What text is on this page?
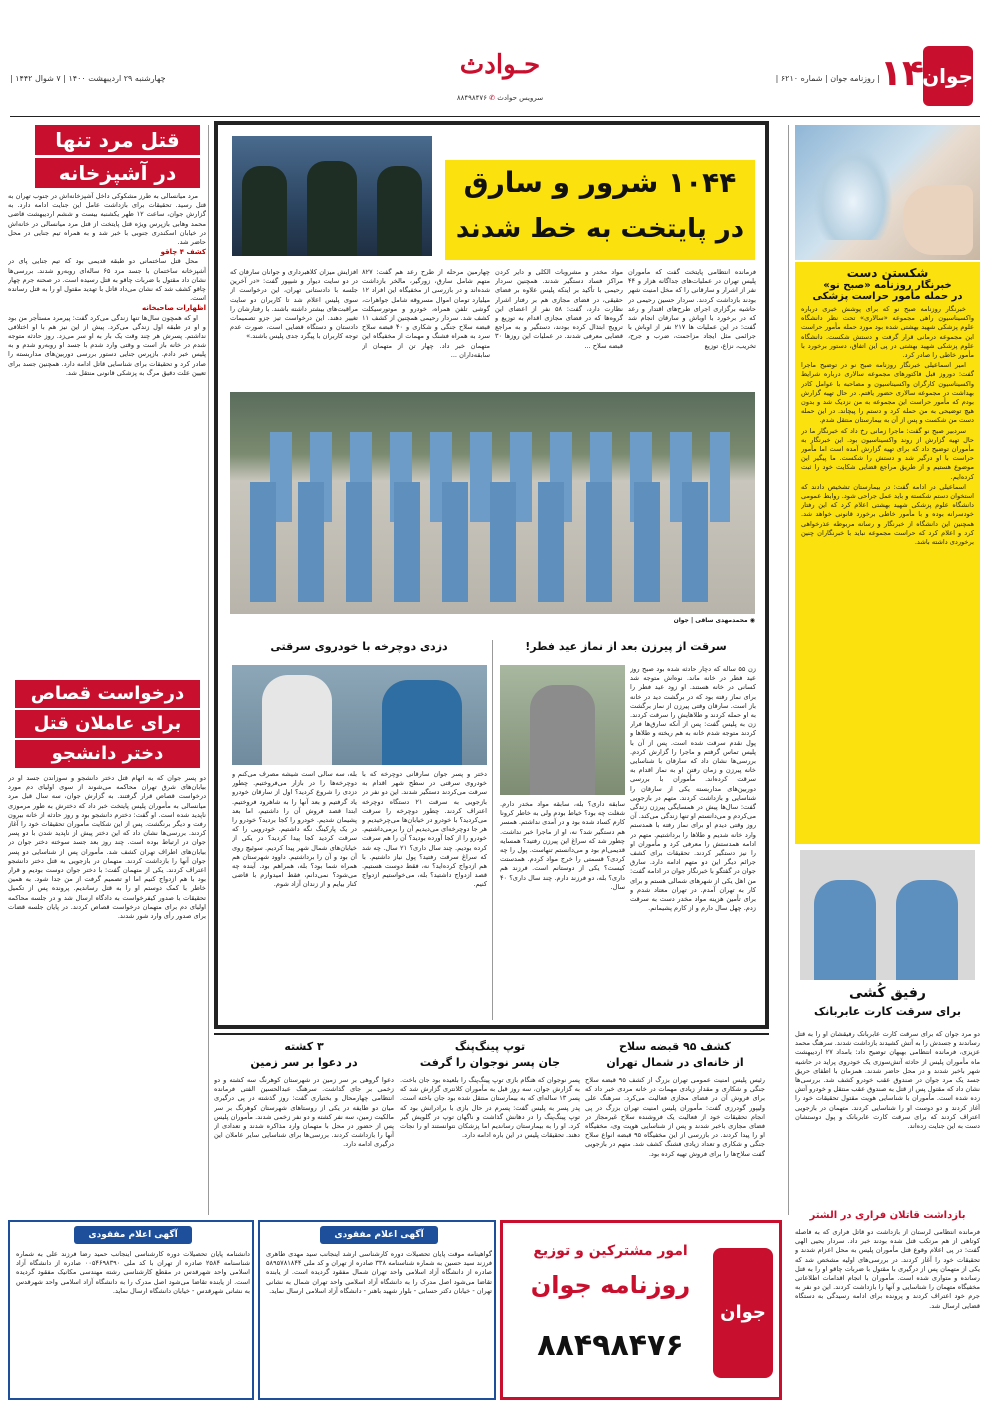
جوان
۱۴
| روزنامه جوان | شماره ۶۲۱۰ |
حـوادث
سرویس حوادث ✆ ۸۸۴۹۸۴۷۶
چهارشنبه ۲۹ اردیبهشت ۱۴۰۰ | ۷ شوال ۱۴۴۲ |
شکستن دست
خبرنگار روزنامه «صبح نو»
در حمله مأمور حراست پزشکی

خبرنگار روزنامه صبح نو که برای پوشش خبری درباره واکسیناسیون راهی مجموعه «سالاری» تحت نظر دانشگاه علوم پزشکی شهید بهشتی شده بود مورد حمله مأمور حراست این مجموعه درمانی قرار گرفت و دستش شکست. دانشگاه علوم پزشکی شهید بهشتی در پی این اتفاق، دستور برخورد با مأمور خاطی را صادر کرد.

امیر اسماعیلی خبرنگار روزنامه صبح نو در توضیح ماجرا گفت: دوروز قبل فاکتورهای مجموعه سالاری درباره شرایط واکسیناسیون کارگران واکسیناسیون و مصاحبه با عوامل کادر بهداشت در مجموعه سالاری حضور یافتم. در حال تهیه گزارش بودم که مأمور حراست این مجموعه به من نزدیک شد و بدون هیچ توضیحی به من حمله کرد و دستم را پیچاند. در این حمله دست من شکست و پس از آن به بیمارستان منتقل شدم.

سردبیر صبح نو گفت: ماجرا زمانی رخ داد که خبرنگار ما در حال تهیه گزارش از روند واکسیناسیون بود. این خبرنگار به مأموران توضیح داد که برای تهیه گزارش آمده است اما مأمور حراست با او درگیر شد و دستش را شکست. ما پیگیر این موضوع هستیم و از طریق مراجع قضایی شکایت خود را ثبت کرده‌ایم.

اسماعیلی در ادامه گفت: در بیمارستان تشخیص دادند که استخوان دستم شکسته و باید عمل جراحی شود. روابط عمومی دانشگاه علوم پزشکی شهید بهشتی اعلام کرد که این رفتار خودسرانه بوده و با مأمور خاطی برخورد قانونی خواهد شد. همچنین این دانشگاه از خبرنگار و رسانه مربوطه عذرخواهی کرد و اعلام کرد که حراست مجموعه نباید با خبرنگاران چنین برخوردی داشته باشد.

رفیق کُشی
برای سرقت کارت عابربانک
دو مرد جوان که برای سرقت کارت عابربانک رفیقشان او را به قتل رساندند و جسدش را به آتش کشیدند بازداشت شدند. سرهنگ محمد عزیزی، فرمانده انتظامی بهبهان توضیح داد: بامداد ۲۷ اردیبهشت ماه مأموران پلیس از حادثه آتش‌سوزی یک خودروی پراید در حاشیه شهر باخبر شدند و در محل حاضر شدند. همزمان با اطفای حریق جسد یک مرد جوان در صندوق عقب خودرو کشف شد. بررسی‌ها نشان داد که مقتول پس از قتل به صندوق عقب منتقل و خودرو آتش زده شده است. مأموران با شناسایی هویت مقتول تحقیقات خود را آغاز کردند و دو دوست او را شناسایی کردند. متهمان در بازجویی اعتراف کردند که برای سرقت کارت عابربانک و پول دوستشان دست به این جنایت زده‌اند.
بازداشت قاتلان فراری در الشتر
فرمانده انتظامی لرستان از بازداشت دو قاتل فراری که به فاصله کوتاهی از هم مرتکب قتل شده بودند خبر داد. سردار یحیی الهی گفت: در پی اعلام وقوع قتل مأموران پلیس به محل اعزام شدند و تحقیقات خود را آغاز کردند. در بررسی‌های اولیه مشخص شد که یکی از متهمان پس از درگیری با مقتول با ضربات چاقو او را به قتل رسانده و متواری شده است. مأموران با انجام اقدامات اطلاعاتی مخفیگاه متهمان را شناسایی و آنها را بازداشت کردند. این دو نفر به جرم خود اعتراف کردند و پرونده برای ادامه رسیدگی به دستگاه قضایی ارسال شد.
۱۰۴۴ شرور و سارق
در پایتخت به خط شدند
فرمانده انتظامی پایتخت گفت که مأموران پلیس تهران در عملیات‌های جداگانه هزار و ۴۴ نفر از اشرار و سارقانی را که مخل امنیت شهر بودند بازداشت کردند. سردار حسین رحیمی در حاشیه برگزاری اجرای طرح‌های اقتدار و رعد که در برخورد با اوباش و سارقان انجام شد گفت: در این عملیات ها ۲۱۷ نفر از اوباش با جرائمی مثل ایجاد مزاحمت، ضرب و جرح، تخریب، نزاع، توزیع
مواد مخدر و مشروبات الکلی و دایر کردن مراکز فساد دستگیر شدند. همچنین سردار رحیمی با تأکید بر اینکه پلیس علاوه بر فضای حقیقی، در فضای مجازی هم بر رفتار اشرار نظارت دارد، گفت: ۵۸ نفر از اعضای این گروه‌ها که در فضای مجازی اقدام به توزیع و ترویج ابتذال کرده بودند، دستگیر و به مراجع قضایی معرفی شدند. در عملیات این روزها ۳۰ قبضه سلاح ...
چهارمین مرحله از طرح رعد هم گفت: ۸۲۷ متهم شامل سارق، زورگیر، مالخر بازداشت شده‌اند و در بازرسی از مخفیگاه این افراد ۱۲ میلیارد تومان اموال مسروقه شامل جواهرات، گوشی تلفن همراه، خودرو و موتورسیکلت کشف شد. سردار رحیمی همچنین از کشف ۱۱ قبضه سلاح جنگی و شکاری و ۴۰ قبضه سلاح سرد به همراه فشنگ و مهمات از مخفیگاه این متهمان خبر داد. چهار تن از متهمان از سابقه‌داران ...
افزایش میزان کلاهبرداری و جوانان سارقان که در دو سایت دیوار و شیپور گفت: «در آخرین جلسه با دادستانی تهران، این درخواست از سوی پلیس اعلام شد تا کاربران دو سایت مراقبت‌های بیشتر داشته باشند. با رفتارشان را تغییر دهند. این درخواست تیز جزو تصمیمات دادستان و دستگاه قضایی است، صورت عدم توجه کاربران با پیگرد جدی پلیس باشند.»
◉ محمدمهدی ساقی | جوان
سرقت از پیرزن بعد از نماز عید فطر!
زن ۵۵ ساله که دچار حادثه شده بود صبح روز عید فطر در خانه ماند. نوه‌اش متوجه شد کسانی در خانه هستند. او زود عید فطر را برای نماز رفته بود که در برگشت دید در خانه باز است. سارقان وقتی پیرزن از نماز برگشت به او حمله کردند و طلاهایش را سرقت کردند. زن به پلیس گفت: پس از آنکه سارق‌ها فرار کردند متوجه شدم خانه به هم ریخته و طلاها و پول نقدم سرقت شده است. پس از آن با پلیس تماس گرفتم و ماجرا را گزارش کردم. بررسی‌ها نشان داد که سارقان با شناسایی خانه پیرزن و زمان رفتن او به نماز اقدام به سرقت کرده‌اند. مأموران با بررسی دوربین‌های مداربسته یکی از سارقان را شناسایی و بازداشت کردند. متهم در بازجویی گفت: سال‌ها پیش در همسایگی پیرزن زندگی می‌کردم و می‌دانستم او تنها زندگی می‌کند. آن روز وقتی دیدم او برای نماز رفته با همدستم وارد خانه شدیم و طلاها را برداشتیم. متهم در ادامه همدستش را معرفی کرد و مأموران او را نیز دستگیر کردند. تحقیقات برای کشف جرائم دیگر این دو متهم ادامه دارد. سارق جوان در گفتگو با خبرنگار جوان در ادامه گفت: من اهل یکی از شهرهای شمالی هستم و برای کار به تهران آمدم. در تهران معتاد شدم و برای تأمین هزینه مواد مخدر دست به سرقت زدم. چهل سال دارم و از کارم پشیمانم.
سابقه داری؟ بله، سابقه مواد مخدر دارم. شغلت چه بود؟ خیاط بودم ولی به خاطر کرونا کارم کساد شده بود و در آمدی نداشتم. همسر هم دستگیر شد؟ نه، او از ماجرا خبر نداشت. چطور شد که سراغ این پیرزن رفتید؟ همسایه قدیمی‌ام بود و می‌دانستم تنهاست. پول را چه کردی؟ قسمتی را خرج مواد کردم. همدستت کیست؟ یکی از دوستانم است. فرزند هم داری؟ بله، دو فرزند دارم. چند سال داری؟ ۴۰ سال.
دزدی دوچرخه با خودروی سرقتی
دختر و پسر جوان سارقانی دوچرخه که با خودروی سرقتی در سطح شهر اقدام به سرقت می‌کردند دستگیر شدند. این دو نفر در بازجویی به سرقت ۲۱ دستگاه دوچرخه اعتراف کردند. چطور دوچرخه را سرقت می‌کردید؟ با خودرو در خیابان‌ها می‌چرخیدیم و هر جا دوچرخه‌ای می‌دیدیم آن را برمی‌داشتیم. خودرو را از کجا آورده بودید؟ آن را هم سرقت کرده بودیم. چند سال داری؟ ۲۱ سال. چه شد که سراغ سرقت رفتید؟ پول نیاز داشتیم. با هم ازدواج کرده‌اید؟ نه، فقط دوست هستیم. قصد ازدواج داشتید؟ بله، می‌خواستیم ازدواج کنیم.
بله، سه سالی است شیشه مصرف می‌کنم و دوچرخه‌ها را در بازار می‌فروختیم. چطور دزدی را شروع کردید؟ اول از سارقان خودرو یاد گرفتیم و بعد آنها را به شاهرود فروختیم. ابتدا قصد فروش آن را داشتیم، اما بعد پشیمان شدیم. خودرو را کجا بردید؟ خودرو را در یک پارکینگ نگه داشتیم. خودرویی را که سرقت کردید کجا پیدا کردید؟ در یکی از خیابان‌های شمال شهر پیدا کردیم. سوئیچ روی آن بود و آن را برداشتیم. داوود شهرستان هم همراه شما بود؟ بله، همراهم بود. آینده چه می‌شود؟ نمی‌دانم، فقط امیدوارم با قاضی کنار بیایم و از زندان آزاد شوم.
کشف ۹۵ قبضه سلاح
از خانه‌ای در شمال تهران
رئیس پلیس امنیت عمومی تهران بزرگ از کشف ۹۵ قبضه سلاح جنگی و شکاری و مقدار زیادی مهمات در خانه مردی خبر داد که برای فروش آن در فضای مجازی فعالیت می‌کرد. سرهنگ علی ولیپور گودرزی گفت: مأموران پلیس امنیت تهران بزرگ در پی انجام تحقیقات خود از فعالیت یک فروشنده سلاح غیرمجاز در فضای مجازی باخبر شدند و پس از شناسایی هویت وی، مخفیگاه او را پیدا کردند. در بازرسی از این مخفیگاه ۹۵ قبضه انواع سلاح جنگی و شکاری و تعداد زیادی فشنگ کشف شد. متهم در بازجویی گفت سلاح‌ها را برای فروش تهیه کرده بود.
توپ پینگ‌پنگ
جان پسر نوجوان را گرفت
پسر نوجوان که هنگام بازی توپ پینگ‌پنگ را بلعیده بود جان باخت. به گزارش جوان، سه روز قبل به مأموران کلانتری گزارش شد که پسر ۱۳ ساله‌ای که به بیمارستان منتقل شده بود جان باخته است. پدر پسر به پلیس گفت: پسرم در حال بازی با برادرانش بود که توپ پینگ‌پنگ را در دهانش گذاشت و ناگهان توپ در گلویش گیر کرد. او را به بیمارستان رساندیم اما پزشکان نتوانستند او را نجات دهند. تحقیقات پلیس در این باره ادامه دارد.
۳ کشته
در دعوا بر سر زمین
دعوا گروهی بر سر زمین در شهرستان کوهرنگ سه کشته و دو زخمی بر جای گذاشت. سرهنگ عبدالحسین الفتی فرمانده انتظامی چهارمحال و بختیاری گفت: روز گذشته در پی درگیری میان دو طایفه در یکی از روستاهای شهرستان کوهرنگ بر سر مالکیت زمین، سه نفر کشته و دو نفر زخمی شدند. مأموران پلیس پس از حضور در محل با متهمان وارد مذاکره شدند و تعدادی از آنها را بازداشت کردند. بررسی‌ها برای شناسایی سایر عاملان این درگیری ادامه دارد.
جوان
امور مشترکین و توزیع
روزنامه جوان
۸۸۴۹۸۴۷۶
آگهی اعلام مفقودی
گواهینامه موقت پایان تحصیلات دوره کارشناسی ارشد اینجانب سید مهدی طاهری فرزند سید حسین به شماره شناسنامه ۳۳۸ صادره از تهران و کد ملی ۵۸۹۵۷۸۱۸۴۴ صادره از دانشگاه آزاد اسلامی واحد تهران شمال مفقود گردیده است. از یابنده تقاضا می‌شود اصل مدرک را به دانشگاه آزاد اسلامی واحد تهران شمال به نشانی تهران - خیابان دکتر حسابی - بلوار شهید باهنر - دانشگاه آزاد اسلامی ارسال نماید.
آگهی اعلام مفقودی
دانشنامه پایان تحصیلات دوره کارشناسی اینجانب حمید رضا فرزند علی به شماره شناسنامه ۲۵۸۴ صادره از تهران با کد ملی ۰۰۵۴۶۹۸۳۹۰ صادره از دانشگاه آزاد اسلامی واحد شهرقدس در مقطع کارشناسی رشته مهندسی مکانیک مفقود گردیده است. از یابنده تقاضا می‌شود اصل مدرک را به دانشگاه آزاد اسلامی واحد شهرقدس به نشانی شهرقدس - خیابان دانشگاه ارسال نماید.
قتل مرد تنها
در آشپزخانه

مرد میانسالی به طرز مشکوکی داخل آشپزخانه‌اش در جنوب تهران به قتل رسید. تحقیقات برای بازداشت عامل این جنایت ادامه دارد. به گزارش جوان، ساعت ۱۲ ظهر یکشنبه بیست و ششم اردیبهشت قاضی محمد وهابی بازپرس ویژه قتل پایتخت از قتل مرد میانسالی در خانه‌اش در خیابان اسکندری جنوبی با خبر شد و به همراه تیم جنایی در محل حاضر شد.

کشف ۴ چاقو

محل قتل ساختمانی دو طبقه قدیمی بود که تیم جنایی پای در آشپزخانه ساختمان با جسد مرد ۶۵ ساله‌ای روبه‌رو شدند. بررسی‌ها نشان داد مقتول با ضربات چاقو به قتل رسیده است. در صحنه جرم چهار چاقو کشف شد که نشان می‌داد قاتل با تهدید مقتول او را به قتل رسانده است.

اظهارات صاحبخانه

او که همچون سال‌ها تنها زندگی می‌کرد گفت: پیرمرد مستأجر من بود و او در طبقه اول زندگی می‌کرد. پیش از این نیز هم با او اختلافی نداشتم. پسرش هر چند وقت یک بار به او سر می‌زد. روز حادثه متوجه شدم در خانه باز است و وقتی وارد شدم با جسد او روبه‌رو شدم و به پلیس خبر دادم. بازپرس جنایی دستور بررسی دوربین‌های مداربسته را صادر کرد و تحقیقات برای شناسایی قاتل ادامه دارد. همچنین جسد برای تعیین علت دقیق مرگ به پزشکی قانونی منتقل شد.

درخواست قصاص
برای عاملان قتل
دختر دانشجو
دو پسر جوان که به اتهام قتل دختر دانشجو و سوزاندن جسد او در بیابان‌های شرق تهران محاکمه می‌شوند از سوی اولیای دم مورد درخواست قصاص قرار گرفتند. به گزارش جوان، سه سال قبل مرد میانسالی به مأموران پلیس پایتخت خبر داد که دخترش به طور مرموزی ناپدید شده است. او گفت: دخترم دانشجو بود و روز حادثه از خانه بیرون رفت و دیگر برنگشت. پس از این شکایت مأموران تحقیقات خود را آغاز کردند. بررسی‌ها نشان داد که این دختر پیش از ناپدید شدن با دو پسر جوان در ارتباط بوده است. چند روز بعد جسد سوخته دختر جوان در بیابان‌های اطراف تهران کشف شد. مأموران پس از شناسایی دو پسر جوان آنها را بازداشت کردند. متهمان در بازجویی به قتل دختر دانشجو اعتراف کردند. یکی از متهمان گفت: با دختر جوان دوست بودیم و قرار بود با هم ازدواج کنیم اما او تصمیم گرفت از من جدا شود. به همین خاطر با کمک دوستم او را به قتل رساندیم. پرونده پس از تکمیل تحقیقات با صدور کیفرخواست به دادگاه ارسال شد و در جلسه محاکمه اولیای دم برای متهمان درخواست قصاص کردند. در پایان جلسه قضات برای صدور رأی وارد شور شدند.
